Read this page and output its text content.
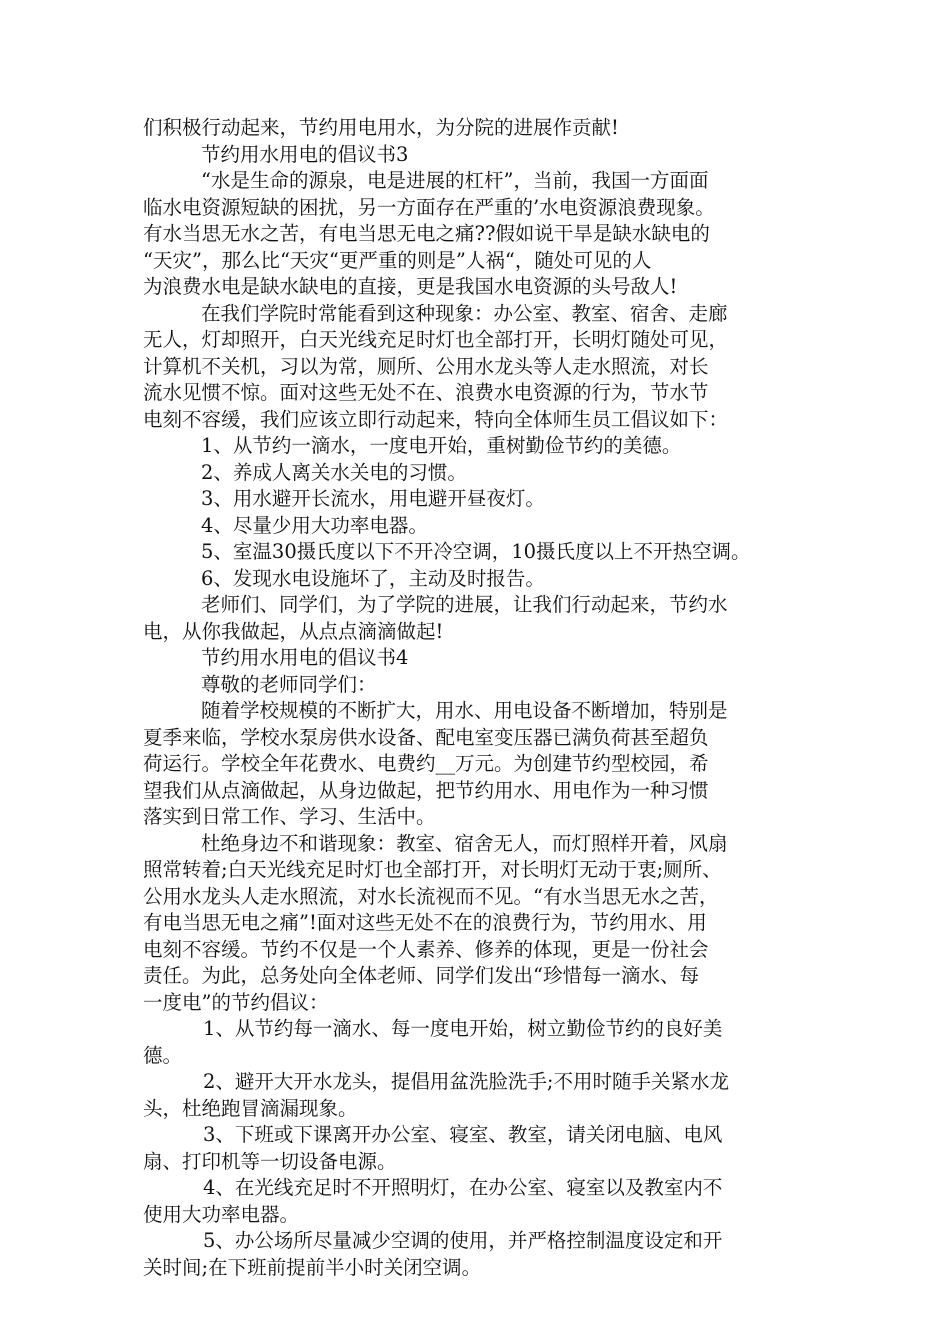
们积极行动起来，节约用电用水，为分院的进展作贡献!
节约用水用电的倡议书3
“水是生命的源泉，电是进展的杠杆”，当前，我国一方面面
临水电资源短缺的困扰，另一方面存在严重的’水电资源浪费现象。
有水当思无水之苦，有电当思无电之痛??假如说干旱是缺水缺电的
“天灾”，那么比“天灾“更严重的则是”人祸“，随处可见的人
为浪费水电是缺水缺电的直接，更是我国水电资源的头号敌人!
在我们学院时常能看到这种现象：办公室、教室、宿舍、走廊
无人，灯却照开，白天光线充足时灯也全部打开，长明灯随处可见，
计算机不关机，习以为常，厕所、公用水龙头等人走水照流，对长
流水见惯不惊。面对这些无处不在、浪费水电资源的行为，节水节
电刻不容缓，我们应该立即行动起来，特向全体师生员工倡议如下：
1、从节约一滴水，一度电开始，重树勤俭节约的美德。
2、养成人离关水关电的习惯。
3、用水避开长流水，用电避开昼夜灯。
4、尽量少用大功率电器。
5、室温30摄氏度以下不开冷空调，10摄氏度以上不开热空调。
6、发现水电设施坏了，主动及时报告。
老师们、同学们，为了学院的进展，让我们行动起来，节约水
电，从你我做起，从点点滴滴做起!
节约用水用电的倡议书4
尊敬的老师同学们：
随着学校规模的不断扩大，用水、用电设备不断增加，特别是
夏季来临，学校水泵房供水设备、配电室变压器已满负荷甚至超负
荷运行。学校全年花费水、电费约__万元。为创建节约型校园，希
望我们从点滴做起，从身边做起，把节约用水、用电作为一种习惯
落实到日常工作、学习、生活中。
杜绝身边不和谐现象：教室、宿舍无人，而灯照样开着，风扇
照常转着;白天光线充足时灯也全部打开，对长明灯无动于衷;厕所、
公用水龙头人走水照流，对水长流视而不见。“有水当思无水之苦，
有电当思无电之痛”!面对这些无处不在的浪费行为，节约用水、用
电刻不容缓。节约不仅是一个人素养、修养的体现，更是一份社会
责任。为此，总务处向全体老师、同学们发出“珍惜每一滴水、每
一度电”的节约倡议：
1、从节约每一滴水、每一度电开始，树立勤俭节约的良好美
德。
2、避开大开水龙头，提倡用盆洗脸洗手;不用时随手关紧水龙
头，杜绝跑冒滴漏现象。
3、下班或下课离开办公室、寝室、教室，请关闭电脑、电风
扇、打印机等一切设备电源。
4、在光线充足时不开照明灯，在办公室、寝室以及教室内不
使用大功率电器。
5、办公场所尽量减少空调的使用，并严格控制温度设定和开
关时间;在下班前提前半小时关闭空调。
